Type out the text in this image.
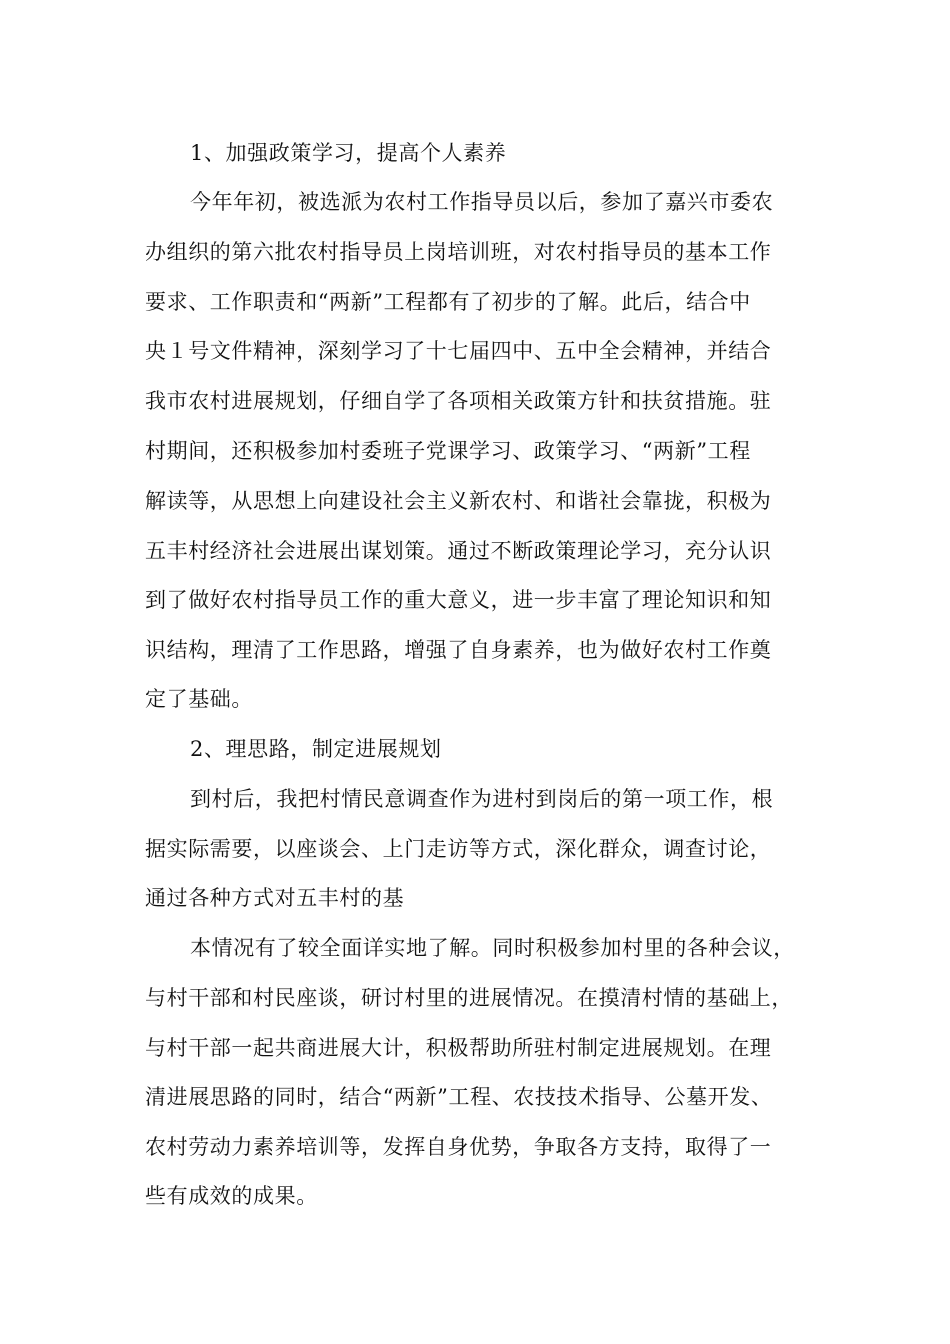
1、加强政策学习，提高个人素养
今年年初，被选派为农村工作指导员以后，参加了嘉兴市委农
办组织的第六批农村指导员上岗培训班，对农村指导员的基本工作
要求、工作职责和“两新”工程都有了初步的了解。此后，结合中
央１号文件精神，深刻学习了十七届四中、五中全会精神，并结合
我市农村进展规划，仔细自学了各项相关政策方针和扶贫措施。驻
村期间，还积极参加村委班子党课学习、政策学习、“两新”工程
解读等，从思想上向建设社会主义新农村、和谐社会靠拢，积极为
五丰村经济社会进展出谋划策。通过不断政策理论学习，充分认识
到了做好农村指导员工作的重大意义，进一步丰富了理论知识和知
识结构，理清了工作思路，增强了自身素养，也为做好农村工作奠
定了基础。
2、理思路，制定进展规划
到村后，我把村情民意调查作为进村到岗后的第一项工作，根
据实际需要，以座谈会、上门走访等方式，深化群众，调查讨论，
通过各种方式对五丰村的基
本情况有了较全面详实地了解。同时积极参加村里的各种会议，
与村干部和村民座谈，研讨村里的进展情况。在摸清村情的基础上，
与村干部一起共商进展大计，积极帮助所驻村制定进展规划。在理
清进展思路的同时，结合“两新”工程、农技技术指导、公墓开发、
农村劳动力素养培训等，发挥自身优势，争取各方支持，取得了一
些有成效的成果。
